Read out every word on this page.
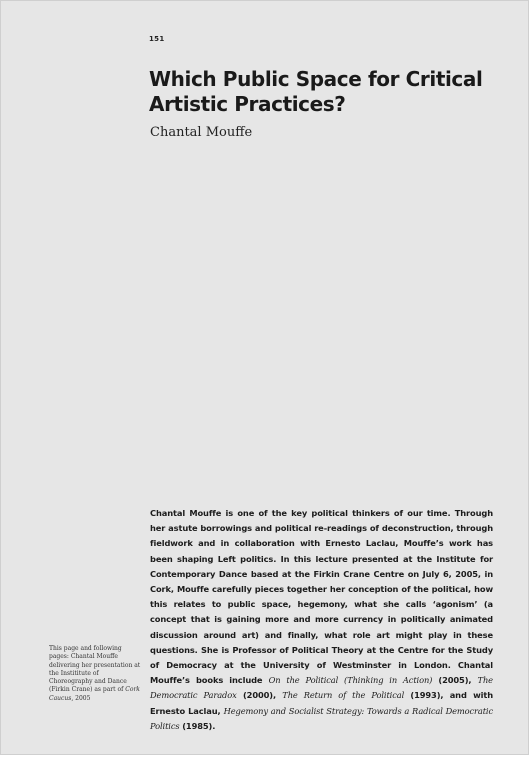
151
Which Public Space for Critical Artistic Practices?

Chantal Mouffe

Chantal Mouffe is one of the key political thinkers of our time. Through her astute borrowings and political re-readings of deconstruction, through fieldwork and in collaboration with Ernesto Laclau, Mouffe’s work has been shaping Left politics. In this lecture presented at the Institute for Contemporary Dance based at the Firkin Crane Centre on July 6, 2005, in Cork, Mouffe carefully pieces together her conception of the political, how this relates to public space, hegemony, what she calls ‘agonism’ (a concept that is gaining more and more currency in politically animated discussion around art) and finally, what role art might play in these questions. She is Professor of Political Theory at the Centre for the Study of Democracy at the University of Westminster in London. Chantal Mouffe’s books include On the Political (Thinking in Action) (2005), The Democratic Paradox (2000), The Return of the Political (1993), and with Ernesto Laclau, Hegemony and Socialist Strategy: Towards a Radical Democratic Politics (1985).

This page and following pages: Chantal Mouffe delivering her presentation at the Instititute of Choreography and Dance (Firkin Crane) as part of Cork Caucus, 2005
